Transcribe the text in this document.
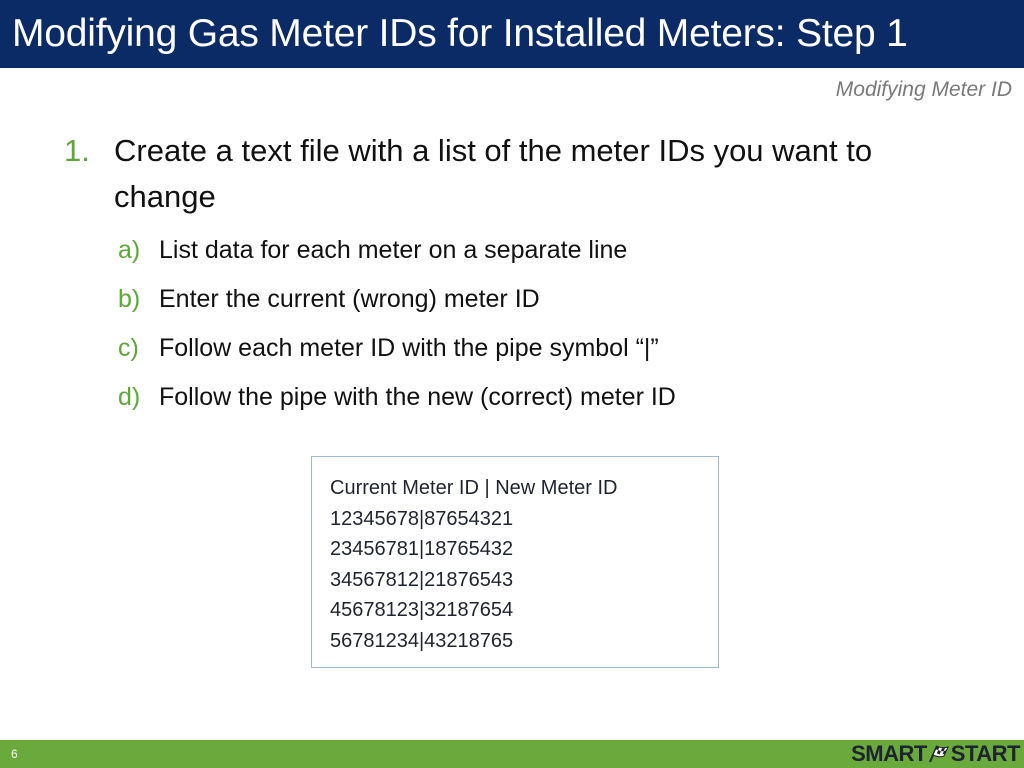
Modifying Gas Meter IDs for Installed Meters: Step 1
Modifying Meter ID
1. Create a text file with a list of the meter IDs you want to change
a) List data for each meter on a separate line
b) Enter the current (wrong) meter ID
c) Follow each meter ID with the pipe symbol “|”
d) Follow the pipe with the new (correct) meter ID
Current Meter ID | New Meter ID
12345678|87654321
23456781|18765432
34567812|21876543
45678123|32187654
56781234|43218765
6	SMART START
